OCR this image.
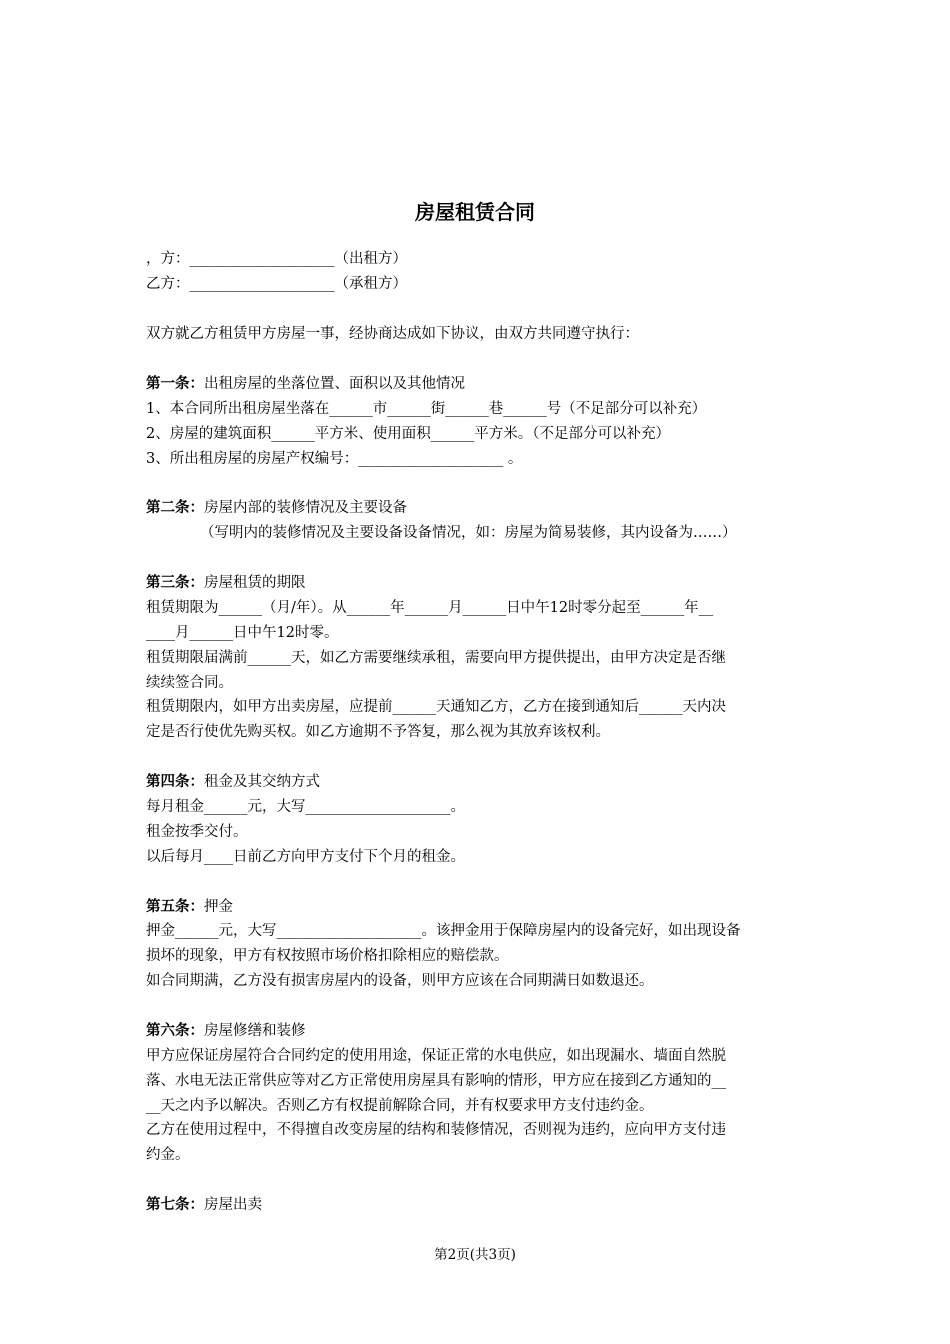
房屋租赁合同
，方：____________________（出租方）
乙方：____________________（承租方）
双方就乙方租赁甲方房屋一事，经协商达成如下协议，由双方共同遵守执行：
第一条：出租房屋的坐落位置、面积以及其他情况
1、本合同所出租房屋坐落在______市______街______巷______号（不足部分可以补充）
2、房屋的建筑面积______平方米、使用面积______平方米。（不足部分可以补充）
3、所出租房屋的房屋产权编号：____________________ 。
第二条：房屋内部的装修情况及主要设备
（写明内的装修情况及主要设备设备情况，如：房屋为简易装修，其内设备为……）
第三条：房屋租赁的期限
租赁期限为______（月/年）。从______年______月______日中午12时零分起至______年__
____月______日中午12时零。
租赁期限届满前______天，如乙方需要继续承租，需要向甲方提供提出，由甲方决定是否继
续续签合同。
租赁期限内，如甲方出卖房屋，应提前______天通知乙方，乙方在接到通知后______天内决
定是否行使优先购买权。如乙方逾期不予答复，那么视为其放弃该权利。
第四条：租金及其交纳方式
每月租金______元，大写____________________。
租金按季交付。
以后每月____日前乙方向甲方支付下个月的租金。
第五条：押金
押金______元，大写____________________。该押金用于保障房屋内的设备完好，如出现设备
损坏的现象，甲方有权按照市场价格扣除相应的赔偿款。
如合同期满，乙方没有损害房屋内的设备，则甲方应该在合同期满日如数退还。
第六条：房屋修缮和装修
甲方应保证房屋符合合同约定的使用用途，保证正常的水电供应，如出现漏水、墙面自然脱
落、水电无法正常供应等对乙方正常使用房屋具有影响的情形，甲方应在接到乙方通知的__
__天之内予以解决。否则乙方有权提前解除合同，并有权要求甲方支付违约金。
乙方在使用过程中，不得擅自改变房屋的结构和装修情况，否则视为违约，应向甲方支付违
约金。
第七条：房屋出卖
第2页(共3页)
